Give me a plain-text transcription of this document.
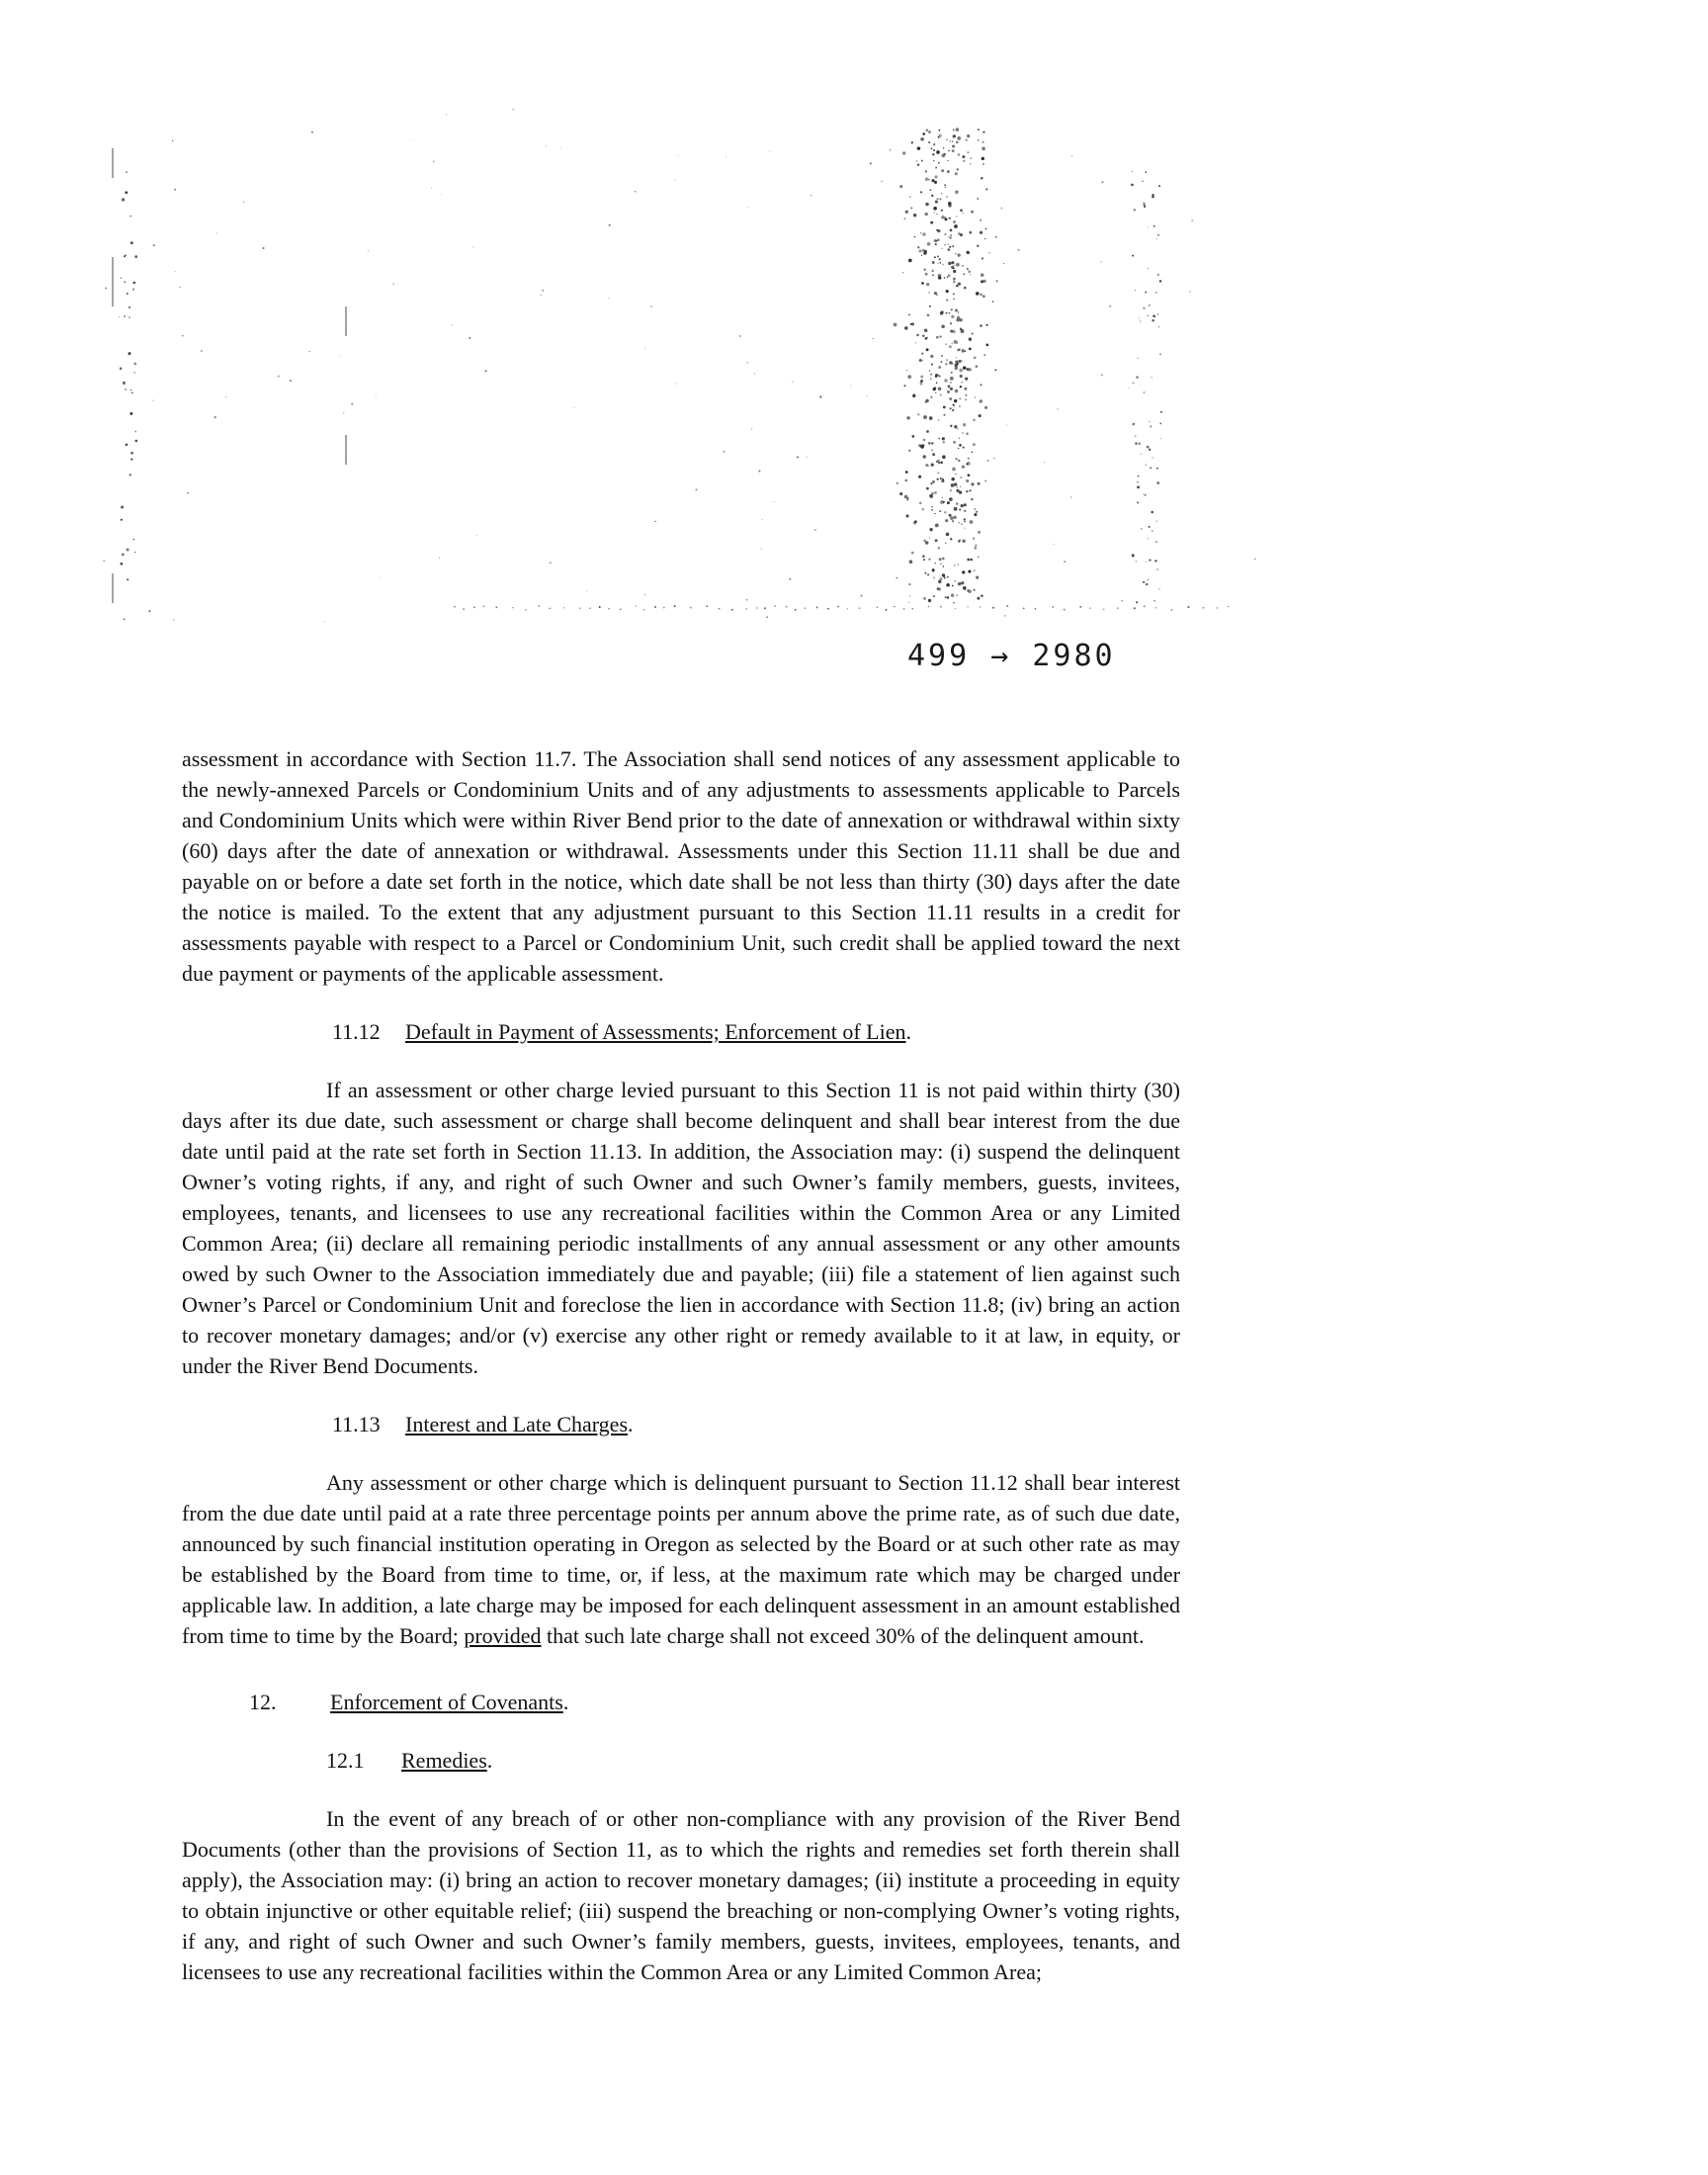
499 → 2980

assessment in accordance with Section 11.7. The Association shall send notices of any assessment applicable to the newly-annexed Parcels or Condominium Units and of any adjustments to assessments applicable to Parcels and Condominium Units which were within River Bend prior to the date of annexation or withdrawal within sixty (60) days after the date of annexation or withdrawal. Assessments under this Section 11.11 shall be due and payable on or before a date set forth in the notice, which date shall be not less than thirty (30) days after the date the notice is mailed. To the extent that any adjustment pursuant to this Section 11.11 results in a credit for assessments payable with respect to a Parcel or Condominium Unit, such credit shall be applied toward the next due payment or payments of the applicable assessment.

11.12 Default in Payment of Assessments; Enforcement of Lien.

If an assessment or other charge levied pursuant to this Section 11 is not paid within thirty (30) days after its due date, such assessment or charge shall become delinquent and shall bear interest from the due date until paid at the rate set forth in Section 11.13. In addition, the Association may: (i) suspend the delinquent Owner’s voting rights, if any, and right of such Owner and such Owner’s family members, guests, invitees, employees, tenants, and licensees to use any recreational facilities within the Common Area or any Limited Common Area; (ii) declare all remaining periodic installments of any annual assessment or any other amounts owed by such Owner to the Association immediately due and payable; (iii) file a statement of lien against such Owner’s Parcel or Condominium Unit and foreclose the lien in accordance with Section 11.8; (iv) bring an action to recover monetary damages; and/or (v) exercise any other right or remedy available to it at law, in equity, or under the River Bend Documents.

11.13 Interest and Late Charges.

Any assessment or other charge which is delinquent pursuant to Section 11.12 shall bear interest from the due date until paid at a rate three percentage points per annum above the prime rate, as of such due date, announced by such financial institution operating in Oregon as selected by the Board or at such other rate as may be established by the Board from time to time, or, if less, at the maximum rate which may be charged under applicable law. In addition, a late charge may be imposed for each delinquent assessment in an amount established from time to time by the Board; provided that such late charge shall not exceed 30% of the delinquent amount.

12. Enforcement of Covenants.

12.1 Remedies.

In the event of any breach of or other non-compliance with any provision of the River Bend Documents (other than the provisions of Section 11, as to which the rights and remedies set forth therein shall apply), the Association may: (i) bring an action to recover monetary damages; (ii) institute a proceeding in equity to obtain injunctive or other equitable relief; (iii) suspend the breaching or non-complying Owner’s voting rights, if any, and right of such Owner and such Owner’s family members, guests, invitees, employees, tenants, and licensees to use any recreational facilities within the Common Area or any Limited Common Area;
